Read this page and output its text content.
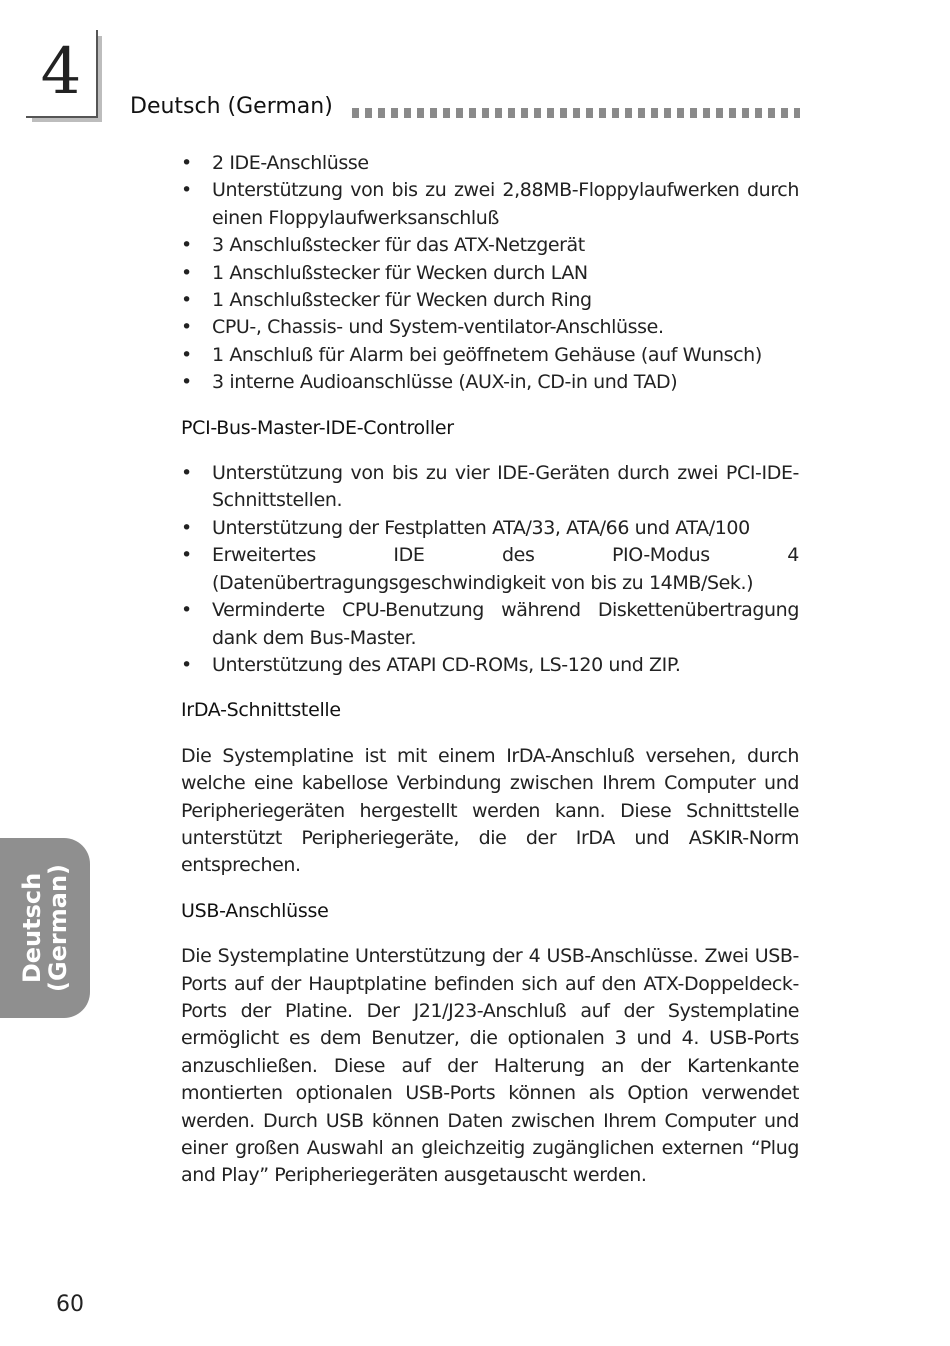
4	Deutsch (German)
• 2 IDE-Anschlüsse
• Unterstützung von bis zu zwei 2,88MB-Floppylaufwerken durch einen Floppylaufwerksanschluß
• 3 Anschlußstecker für das ATX-Netzgerät
• 1 Anschlußstecker für Wecken durch LAN
• 1 Anschlußstecker für Wecken durch Ring
• CPU-, Chassis- und System-ventilator-Anschlüsse.
• 1 Anschluß für Alarm bei geöffnetem Gehäuse (auf Wunsch)
• 3 interne Audioanschlüsse (AUX-in, CD-in und TAD)
PCI-Bus-Master-IDE-Controller
• Unterstützung von bis zu vier IDE-Geräten durch zwei PCI-IDE-Schnittstellen.
• Unterstützung der Festplatten ATA/33, ATA/66 und ATA/100
• Erweitertes IDE des PIO-Modus 4 (Datenübertragungsgeschwindigkeit von bis zu 14MB/Sek.)
• Verminderte CPU-Benutzung während Diskettenübertragung dank dem Bus-Master.
• Unterstützung des ATAPI CD-ROMs, LS-120 und ZIP.
IrDA-Schnittstelle

Die Systemplatine ist mit einem IrDA-Anschluß versehen, durch welche eine kabellose Verbindung zwischen Ihrem Computer und Peripheriegeräten hergestellt werden kann. Diese Schnittstelle unterstützt Peripheriegeräte, die der IrDA und ASKIR-Norm entsprechen.

USB-Anschlüsse

Die Systemplatine Unterstützung der 4 USB-Anschlüsse. Zwei USB-Ports auf der Hauptplatine befinden sich auf den ATX-Doppeldeck-Ports der Platine. Der J21/J23-Anschluß auf der Systemplatine ermöglicht es dem Benutzer, die optionalen 3 und 4. USB-Ports anzuschließen. Diese auf der Halterung an der Kartenkante montierten optionalen USB-Ports können als Option verwendet werden. Durch USB können Daten zwischen Ihrem Computer und einer großen Auswahl an gleichzeitig zugänglichen externen “Plug and Play” Peripheriegeräten ausgetauscht werden.

Deutsch
(German)
60
